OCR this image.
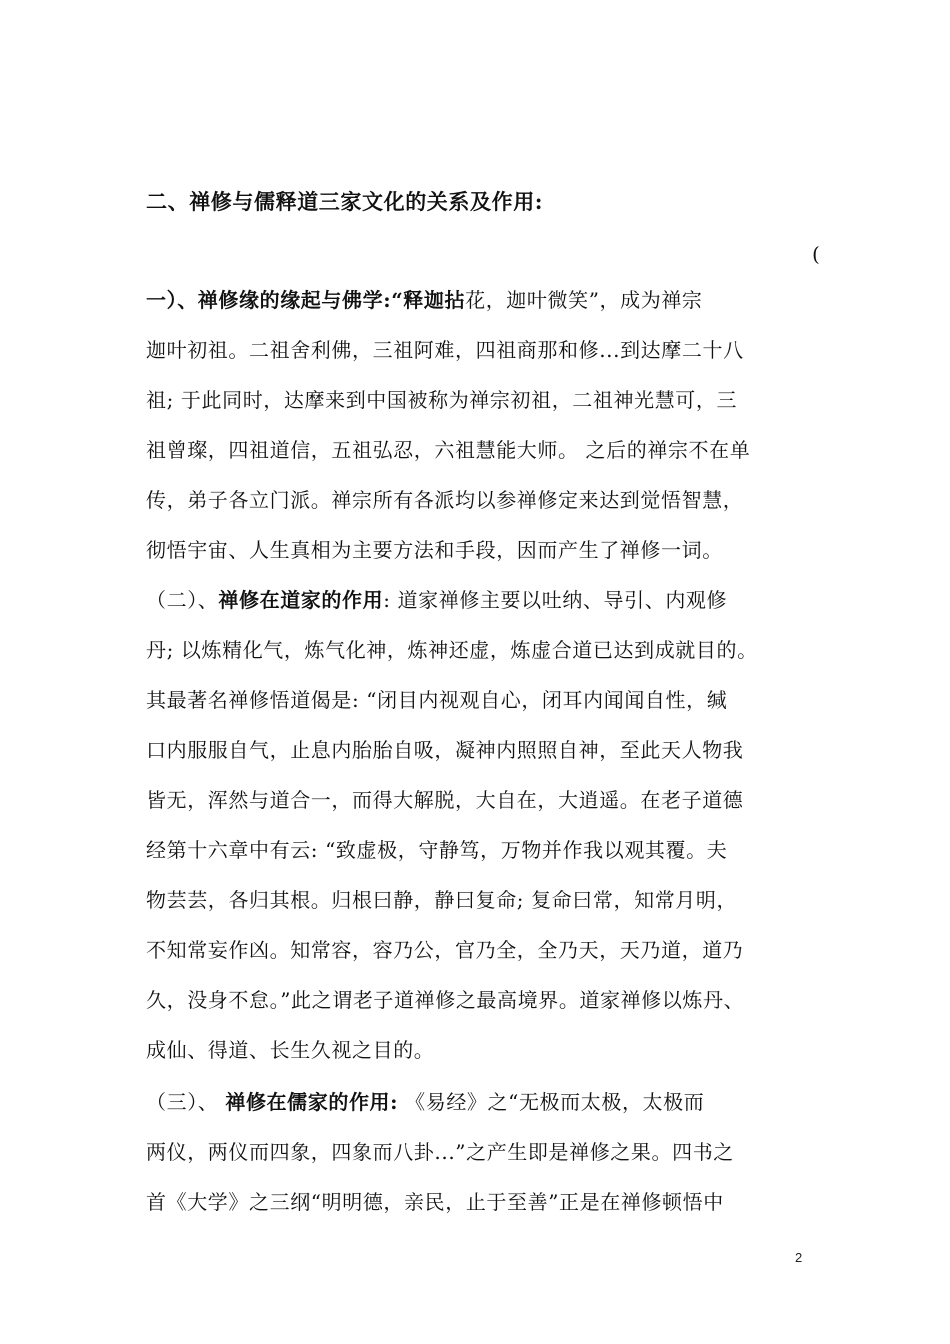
二、禅修与儒释道三家文化的关系及作用:
(
一）、禅修缘的缘起与佛学:“释迦拈花，迦叶微笑”，成为禅宗
迦叶初祖。二祖舍利佛，三祖阿难，四祖商那和修...到达摩二十八
祖; 于此同时，达摩来到中国被称为禅宗初祖，二祖神光慧可，三
祖曾璨，四祖道信，五祖弘忍，六祖慧能大师。 之后的禅宗不在单
传，弟子各立门派。禅宗所有各派均以参禅修定来达到觉悟智慧，
彻悟宇宙、人生真相为主要方法和手段，因而产生了禅修一词。
（二）、禅修在道家的作用: 道家禅修主要以吐纳、导引、内观修
丹; 以炼精化气，炼气化神，炼神还虚，炼虚合道已达到成就目的。
其最著名禅修悟道偈是: “闭目内视观自心，闭耳内闻闻自性，缄
口内服服自气，止息内胎胎自吸，凝神内照照自神，至此天人物我
皆无，浑然与道合一，而得大解脱，大自在，大逍遥。在老子道德
经第十六章中有云: “致虚极，守静笃，万物并作我以观其覆。夫
物芸芸，各归其根。归根曰静，静曰复命; 复命曰常，知常月明，
不知常妄作凶。知常容，容乃公，官乃全，全乃天，天乃道，道乃
久，没身不怠。”此之谓老子道禅修之最高境界。道家禅修以炼丹、
成仙、得道、长生久视之目的。
（三）、 禅修在儒家的作用: 《易经》之“无极而太极，太极而
两仪，两仪而四象，四象而八卦...”之产生即是禅修之果。四书之
首《大学》之三纲“明明德，亲民，止于至善”正是在禅修顿悟中
2
